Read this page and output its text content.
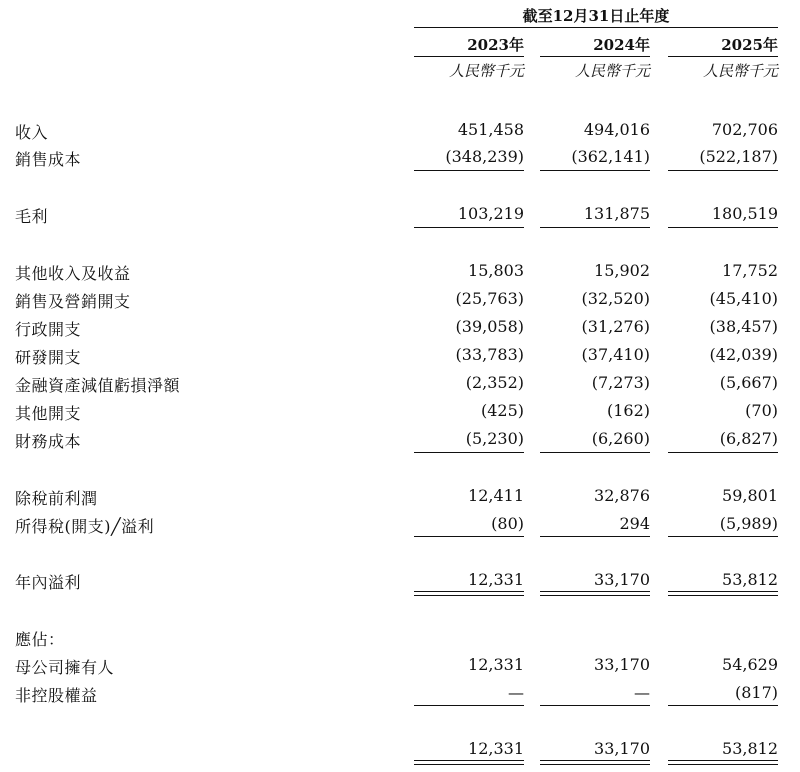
截至12月31日止年度
2023年	2024年	2025年
人民幣千元	人民幣千元	人民幣千元
收入	451,458	494,016	702,706
銷售成本	(348,239)	(362,141)	(522,187)
毛利	103,219	131,875	180,519
其他收入及收益	15,803	15,902	17,752
銷售及營銷開支	(25,763)	(32,520)	(45,410)
行政開支	(39,058)	(31,276)	(38,457)
研發開支	(33,783)	(37,410)	(42,039)
金融資產減值虧損淨額	(2,352)	(7,273)	(5,667)
其他開支	(425)	(162)	(70)
財務成本	(5,230)	(6,260)	(6,827)
除稅前利潤	12,411	32,876	59,801
所得稅(開支)╱溢利	(80)	294	(5,989)
年內溢利	12,331	33,170	53,812
應佔：
母公司擁有人	12,331	33,170	54,629
非控股權益	—	—	(817)
12,331	33,170	53,812
